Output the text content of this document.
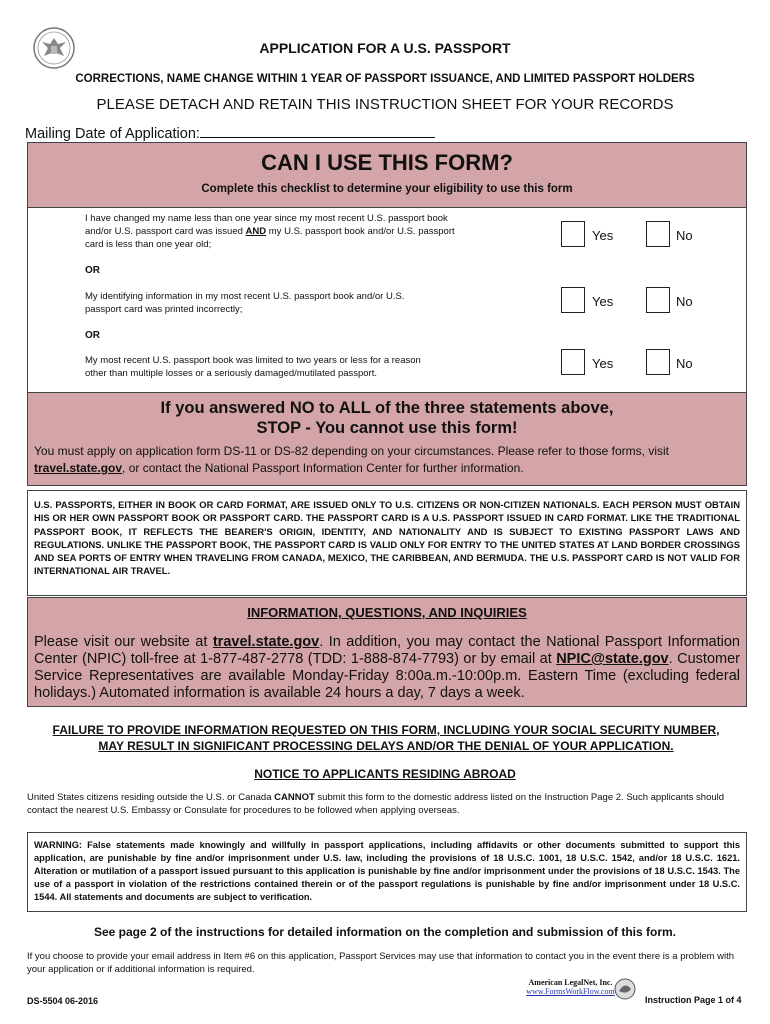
APPLICATION FOR A U.S. PASSPORT
CORRECTIONS, NAME CHANGE WITHIN 1 YEAR OF PASSPORT ISSUANCE, AND LIMITED PASSPORT HOLDERS
PLEASE DETACH AND RETAIN THIS INSTRUCTION SHEET FOR YOUR RECORDS
Mailing Date of Application:
CAN I USE THIS FORM?
Complete this checklist to determine your eligibility to use this form
I have changed my name less than one year since my most recent U.S. passport book and/or U.S. passport card was issued AND my U.S. passport book and/or U.S. passport card is less than one year old;
Yes	No
OR
My identifying information in my most recent U.S. passport book and/or U.S. passport card was printed incorrectly;
Yes	No
OR
My most recent U.S. passport book was limited to two years or less for a reason other than multiple losses or a seriously damaged/mutilated passport.
Yes	No
If you answered NO to ALL of the three statements above,
STOP - You cannot use this form!
You must apply on application form DS-11 or DS-82 depending on your circumstances. Please refer to those forms, visit travel.state.gov, or contact the National Passport Information Center for further information.
U.S. PASSPORTS, EITHER IN BOOK OR CARD FORMAT, ARE ISSUED ONLY TO U.S. CITIZENS OR NON-CITIZEN NATIONALS. EACH PERSON MUST OBTAIN HIS OR HER OWN PASSPORT BOOK OR PASSPORT CARD. THE PASSPORT CARD IS A U.S. PASSPORT ISSUED IN CARD FORMAT. LIKE THE TRADITIONAL PASSPORT BOOK, IT REFLECTS THE BEARER'S ORIGIN, IDENTITY, AND NATIONALITY AND IS SUBJECT TO EXISTING PASSPORT LAWS AND REGULATIONS. UNLIKE THE PASSPORT BOOK, THE PASSPORT CARD IS VALID ONLY FOR ENTRY TO THE UNITED STATES AT LAND BORDER CROSSINGS AND SEA PORTS OF ENTRY WHEN TRAVELING FROM CANADA, MEXICO, THE CARIBBEAN, AND BERMUDA. THE U.S. PASSPORT CARD IS NOT VALID FOR INTERNATIONAL AIR TRAVEL.
INFORMATION, QUESTIONS, AND INQUIRIES
Please visit our website at travel.state.gov. In addition, you may contact the National Passport Information Center (NPIC) toll-free at 1-877-487-2778 (TDD: 1-888-874-7793) or by email at NPIC@state.gov. Customer Service Representatives are available Monday-Friday 8:00a.m.-10:00p.m. Eastern Time (excluding federal holidays.) Automated information is available 24 hours a day, 7 days a week.
FAILURE TO PROVIDE INFORMATION REQUESTED ON THIS FORM, INCLUDING YOUR SOCIAL SECURITY NUMBER,
MAY RESULT IN SIGNIFICANT PROCESSING DELAYS AND/OR THE DENIAL OF YOUR APPLICATION.
NOTICE TO APPLICANTS RESIDING ABROAD
United States citizens residing outside the U.S. or Canada CANNOT submit this form to the domestic address listed on the Instruction Page 2. Such applicants should contact the nearest U.S. Embassy or Consulate for procedures to be followed when applying overseas.
WARNING: False statements made knowingly and willfully in passport applications, including affidavits or other documents submitted to support this application, are punishable by fine and/or imprisonment under U.S. law, including the provisions of 18 U.S.C. 1001, 18 U.S.C. 1542, and/or 18 U.S.C. 1621. Alteration or mutilation of a passport issued pursuant to this application is punishable by fine and/or imprisonment under the provisions of 18 U.S.C. 1543. The use of a passport in violation of the restrictions contained therein or of the passport regulations is punishable by fine and/or imprisonment under 18 U.S.C. 1544. All statements and documents are subject to verification.
See page 2 of the instructions for detailed information on the completion and submission of this form.
If you choose to provide your email address in Item #6 on this application, Passport Services may use that information to contact you in the event there is a problem with your application or if additional information is required.
DS-5504 06-2016
American LegalNet, Inc.
www.FormsWorkFlow.com
Instruction Page 1 of 4
